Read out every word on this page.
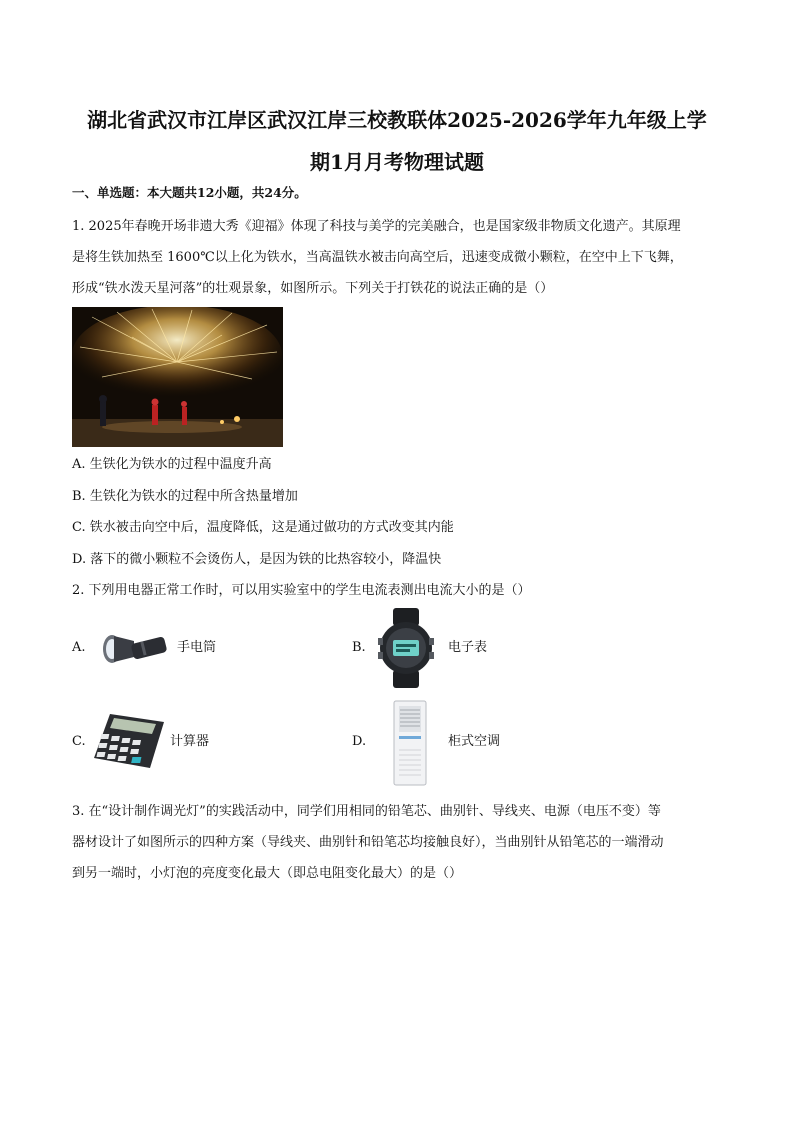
湖北省武汉市江岸区武汉江岸三校教联体2025-2026学年九年级上学
期1月月考物理试题
一、单选题：本大题共12小题，共24分。
1. 2025年春晚开场非遗大秀《迎福》体现了科技与美学的完美融合，也是国家级非物质文化遗产。其原理
是将生铁加热至 1600℃以上化为铁水，当高温铁水被击向高空后，迅速变成微小颗粒，在空中上下飞舞，
形成“铁水泼天星河落”的壮观景象，如图所示。下列关于打铁花的说法正确的是（）
A. 生铁化为铁水的过程中温度升高
B. 生铁化为铁水的过程中所含热量增加
C. 铁水被击向空中后，温度降低，这是通过做功的方式改变其内能
D. 落下的微小颗粒不会烫伤人，是因为铁的比热容较小，降温快
2. 下列用电器正常工作时，可以用实验室中的学生电流表测出电流大小的是（）
A.	手电筒	B.	电子表
C.	计算器	D.	柜式空调
3. 在“设计制作调光灯”的实践活动中，同学们用相同的铅笔芯、曲别针、导线夹、电源（电压不变）等
器材设计了如图所示的四种方案（导线夹、曲别针和铅笔芯均接触良好），当曲别针从铅笔芯的一端滑动
到另一端时，小灯泡的亮度变化最大（即总电阻变化最大）的是（）
